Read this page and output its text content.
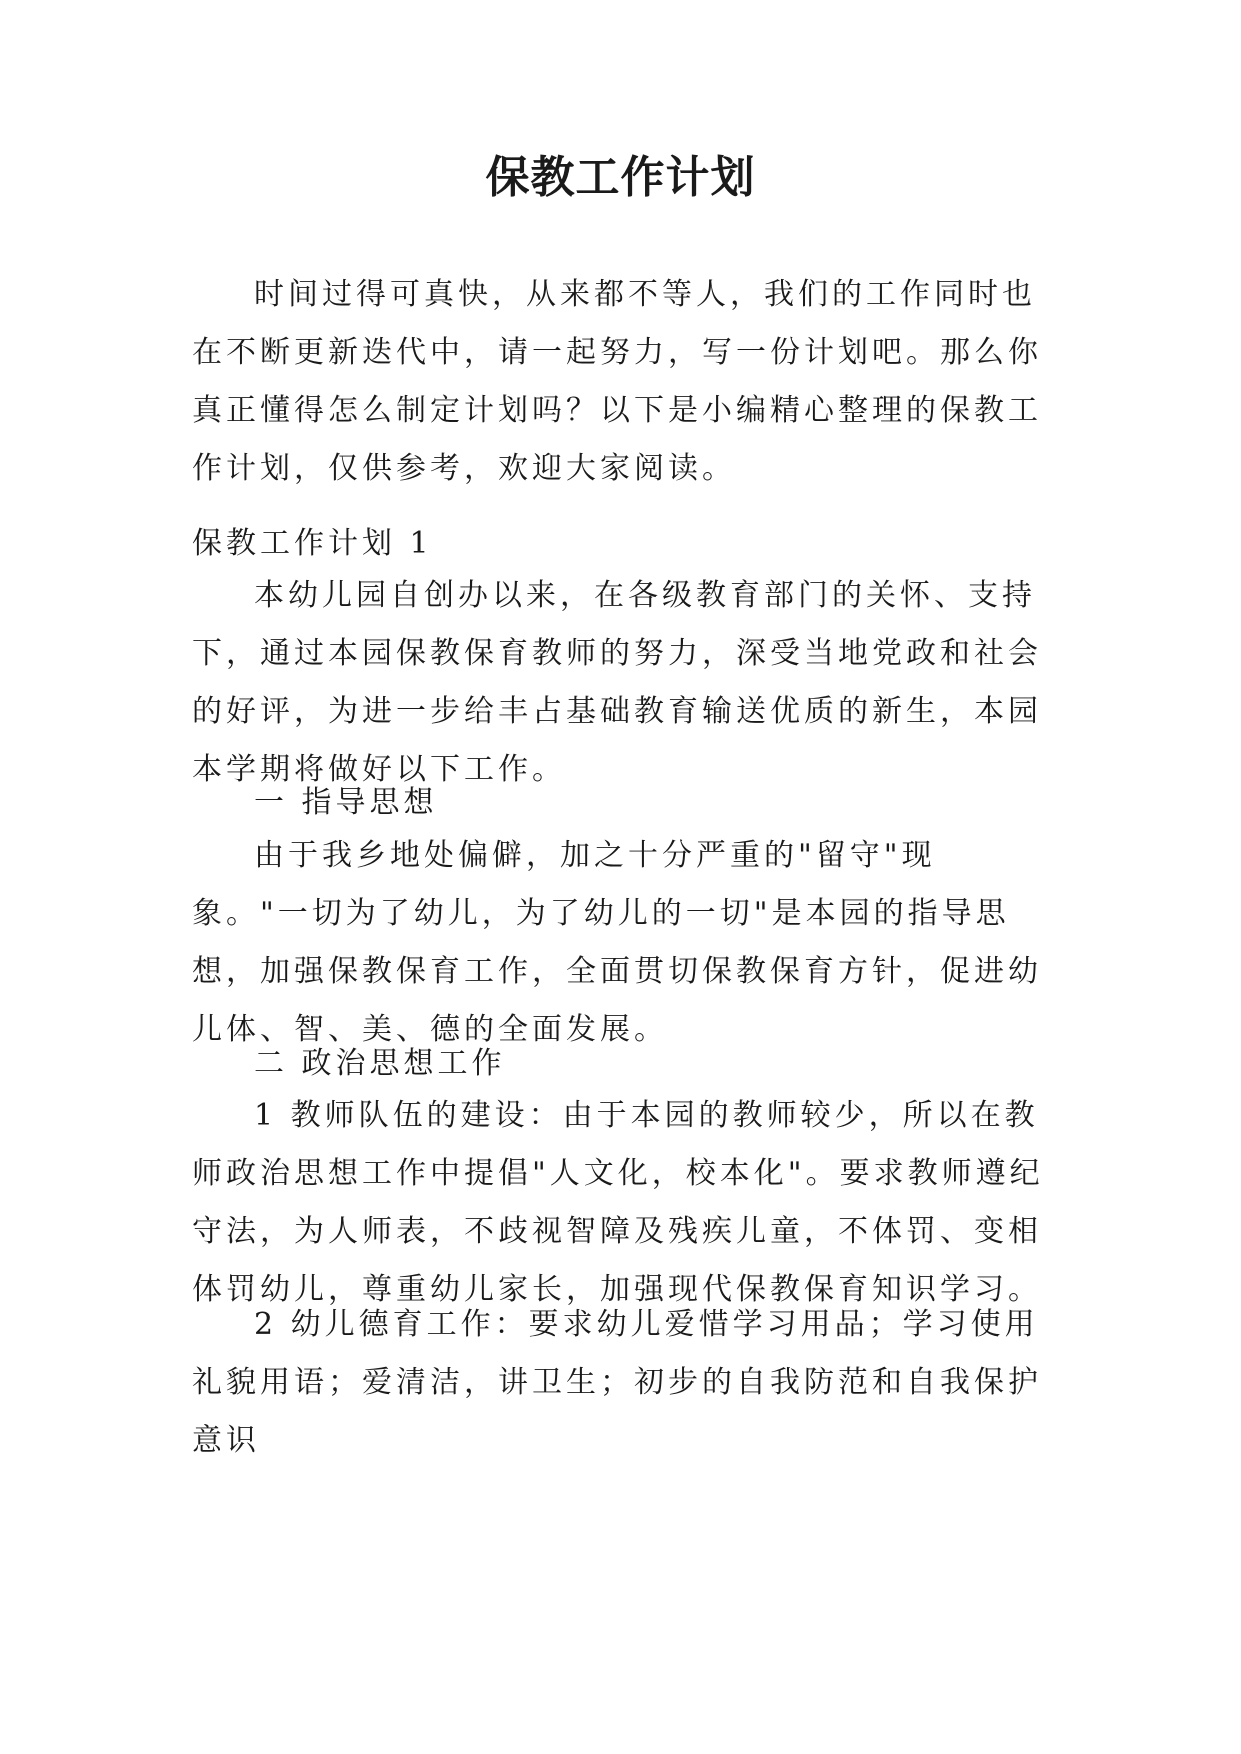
保教工作计划

时间过得可真快，从来都不等人，我们的工作同时也在不断更新迭代中，请一起努力，写一份计划吧。那么你真正懂得怎么制定计划吗？以下是小编精心整理的保教工作计划，仅供参考，欢迎大家阅读。

保教工作计划 1

本幼儿园自创办以来，在各级教育部门的关怀、支持下，通过本园保教保育教师的努力，深受当地党政和社会的好评，为进一步给丰占基础教育输送优质的新生，本园本学期将做好以下工作。

一 指导思想

由于我乡地处偏僻，加之十分严重的"留守"现象。"一切为了幼儿，为了幼儿的一切"是本园的指导思想，加强保教保育工作，全面贯切保教保育方针，促进幼儿体、智、美、德的全面发展。

二 政治思想工作

1 教师队伍的建设：由于本园的教师较少，所以在教师政治思想工作中提倡"人文化，校本化"。要求教师遵纪守法，为人师表，不歧视智障及残疾儿童，不体罚、变相体罚幼儿，尊重幼儿家长，加强现代保教保育知识学习。

2 幼儿德育工作：要求幼儿爱惜学习用品；学习使用礼貌用语；爱清洁，讲卫生；初步的自我防范和自我保护意识
